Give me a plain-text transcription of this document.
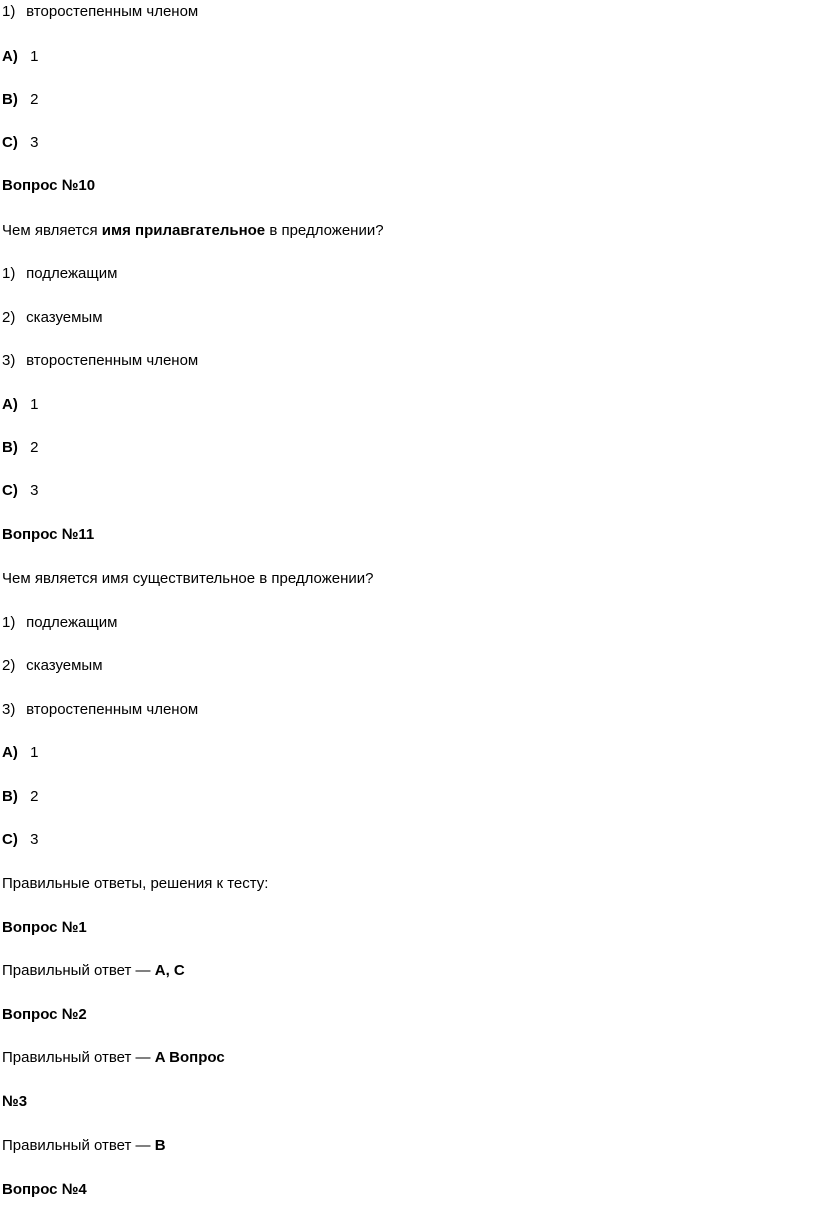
1) второстепенным членом
A) 1
B) 2
C) 3
Вопрос №10
Чем является имя прилавгательное в предложении?
1) подлежащим
2) сказуемым
3) второстепенным членом
A) 1
B) 2
C) 3
Вопрос №11
Чем является имя существительное в предложении?
1) подлежащим
2) сказуемым
3) второстепенным членом
A) 1
B) 2
C) 3
Правильные ответы, решения к тесту:
Вопрос №1
Правильный ответ — A, C
Вопрос №2
Правильный ответ — A Вопрос
№3
Правильный ответ — B
Вопрос №4
